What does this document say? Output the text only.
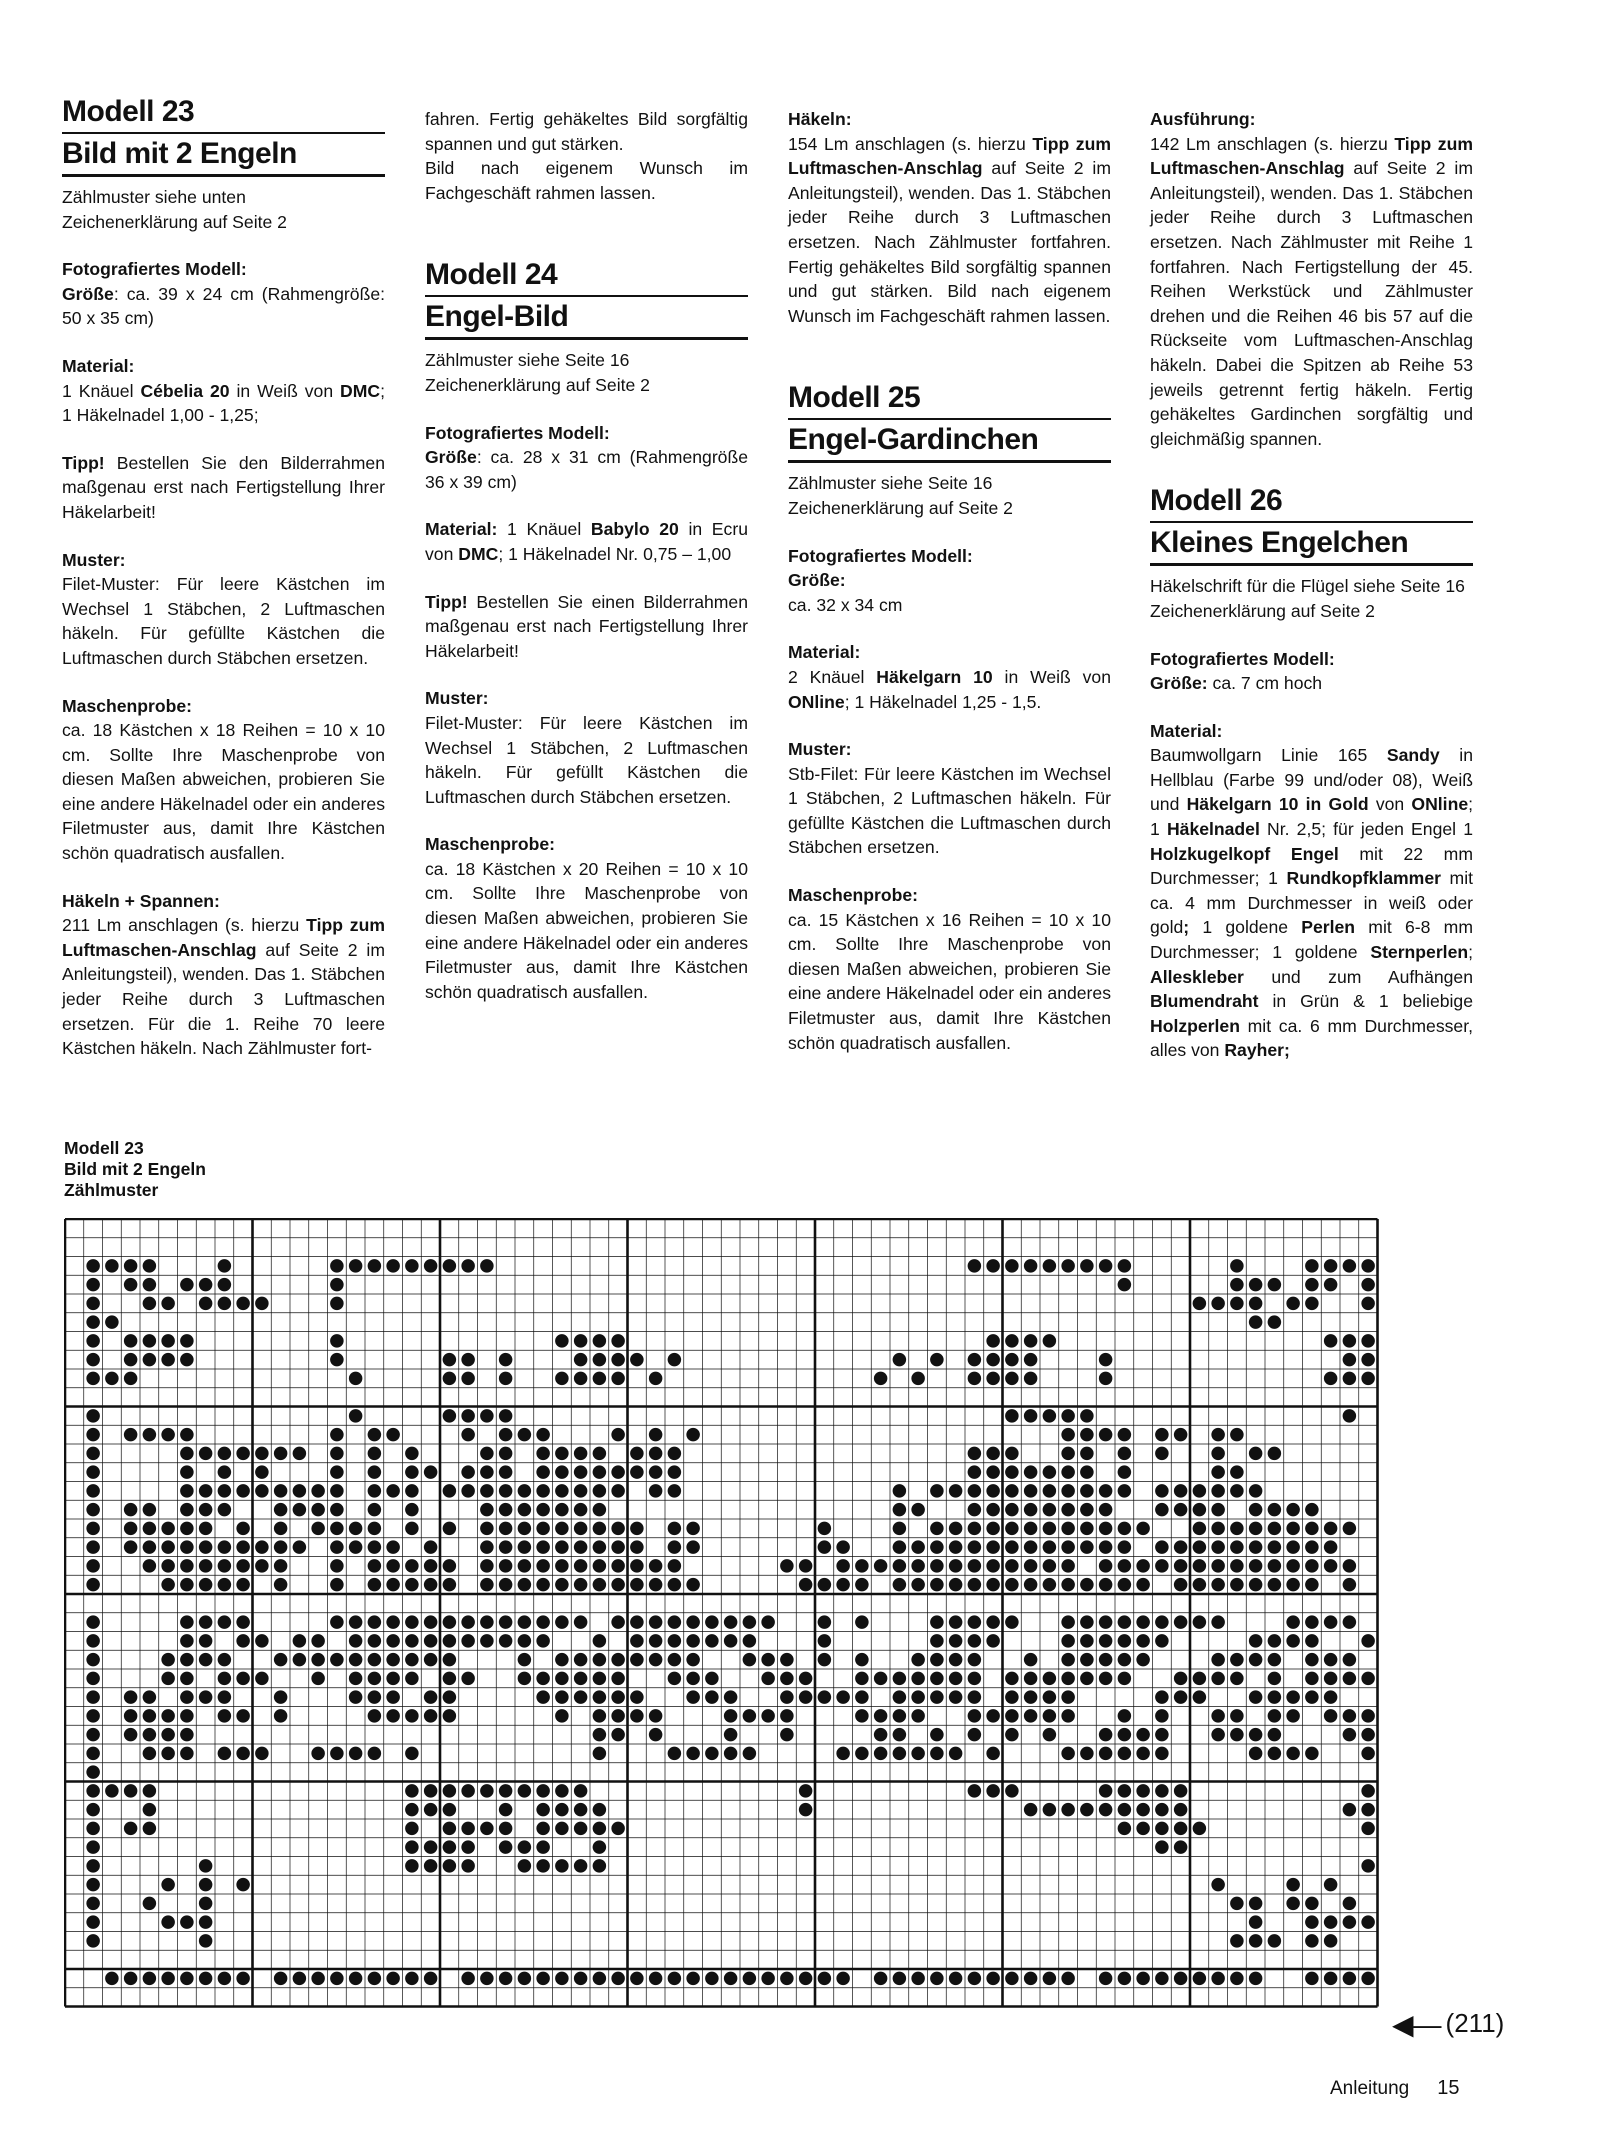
Modell 23
Bild mit 2 Engeln

Zählmuster siehe unten
Zeichenerklärung auf Seite 2

Fotografiertes Modell:
Größe: ca. 39 x 24 cm (Rahmengröße: 50 x 35 cm)

Material:
1 Knäuel Cébelia 20 in Weiß von DMC; 1 Häkelnadel 1,00 - 1,25;

Tipp! Bestellen Sie den Bilderrahmen maßgenau erst nach Fertigstellung Ihrer Häkelarbeit!

Muster:
Filet-Muster: Für leere Kästchen im Wechsel 1 Stäbchen, 2 Luftmaschen häkeln. Für gefüllte Kästchen die Luftmaschen durch Stäbchen ersetzen.

Maschenprobe:
ca. 18 Kästchen x 18 Reihen = 10 x 10 cm. Sollte Ihre Maschenprobe von diesen Maßen abweichen, probieren Sie eine andere Häkelnadel oder ein anderes Filetmuster aus, damit Ihre Kästchen schön quadratisch ausfallen.

Häkeln + Spannen:
211 Lm anschlagen (s. hierzu Tipp zum Luftmaschen-Anschlag auf Seite 2 im Anleitungsteil), wenden. Das 1. Stäbchen jeder Reihe durch 3 Luftmaschen ersetzen. Für die 1. Reihe 70 leere Kästchen häkeln. Nach Zählmuster fort-

fahren. Fertig gehäkeltes Bild sorgfältig spannen und gut stärken.

Bild nach eigenem Wunsch im Fachgeschäft rahmen lassen.

Modell 24
Engel-Bild

Zählmuster siehe Seite 16
Zeichenerklärung auf Seite 2

Fotografiertes Modell:
Größe: ca. 28 x 31 cm (Rahmengröße 36 x 39 cm)

Material: 1 Knäuel Babylo 20 in Ecru von DMC; 1 Häkelnadel Nr. 0,75 – 1,00

Tipp! Bestellen Sie einen Bilderrahmen maßgenau erst nach Fertigstellung Ihrer Häkelarbeit!

Muster:
Filet-Muster: Für leere Kästchen im Wechsel 1 Stäbchen, 2 Luftmaschen häkeln. Für gefüllt Kästchen die Luftmaschen durch Stäbchen ersetzen.

Maschenprobe:
ca. 18 Kästchen x 20 Reihen = 10 x 10 cm. Sollte Ihre Maschenprobe von diesen Maßen abweichen, probieren Sie eine andere Häkelnadel oder ein anderes Filetmuster aus, damit Ihre Kästchen schön quadratisch ausfallen.

Häkeln:
154 Lm anschlagen (s. hierzu Tipp zum Luftmaschen-Anschlag auf Seite 2 im Anleitungsteil), wenden. Das 1. Stäbchen jeder Reihe durch 3 Luftmaschen ersetzen. Nach Zählmuster fortfahren. Fertig gehäkeltes Bild sorgfältig spannen und gut stärken. Bild nach eigenem Wunsch im Fachgeschäft rahmen lassen.

Modell 25
Engel-Gardinchen

Zählmuster siehe Seite 16
Zeichenerklärung auf Seite 2

Fotografiertes Modell:
Größe:
ca. 32 x 34 cm

Material:
2 Knäuel Häkelgarn 10 in Weiß von ONline; 1 Häkelnadel 1,25 - 1,5.

Muster:
Stb-Filet: Für leere Kästchen im Wechsel 1 Stäbchen, 2 Luftmaschen häkeln. Für gefüllte Kästchen die Luftmaschen durch Stäbchen ersetzen.

Maschenprobe:
ca. 15 Kästchen x 16 Reihen = 10 x 10 cm. Sollte Ihre Maschenprobe von diesen Maßen abweichen, probieren Sie eine andere Häkelnadel oder ein anderes Filetmuster aus, damit Ihre Kästchen schön quadratisch ausfallen.

Ausführung:
142 Lm anschlagen (s. hierzu Tipp zum Luftmaschen-Anschlag auf Seite 2 im Anleitungsteil), wenden. Das 1. Stäbchen jeder Reihe durch 3 Luftmaschen ersetzen. Nach Zählmuster mit Reihe 1 fortfahren. Nach Fertigstellung der 45. Reihen Werkstück und Zählmuster drehen und die Reihen 46 bis 57 auf die Rückseite vom Luftmaschen-Anschlag häkeln. Dabei die Spitzen ab Reihe 53 jeweils getrennt fertig häkeln. Fertig gehäkeltes Gardinchen sorgfältig und gleichmäßig spannen.

Modell 26
Kleines Engelchen

Häkelschrift für die Flügel siehe Seite 16
Zeichenerklärung auf Seite 2

Fotografiertes Modell:
Größe: ca. 7 cm hoch

Material:
Baumwollgarn Linie 165 Sandy in Hellblau (Farbe 99 und/oder 08), Weiß und Häkelgarn 10 in Gold von ONline; 1 Häkelnadel Nr. 2,5; für jeden Engel 1 Holzkugelkopf Engel mit 22 mm Durchmesser; 1 Rundkopfklammer mit ca. 4 mm Durchmesser in weiß oder gold; 1 goldene Perlen mit 6-8 mm Durchmesser; 1 goldene Sternperlen; Alleskleber und zum Aufhängen Blumendraht in Grün & 1 beliebige Holzperlen mit ca. 6 mm Durchmesser, alles von Rayher;

Modell 23
Bild mit 2 Engeln
Zählmuster
◀— (211)
Anleitung 15
